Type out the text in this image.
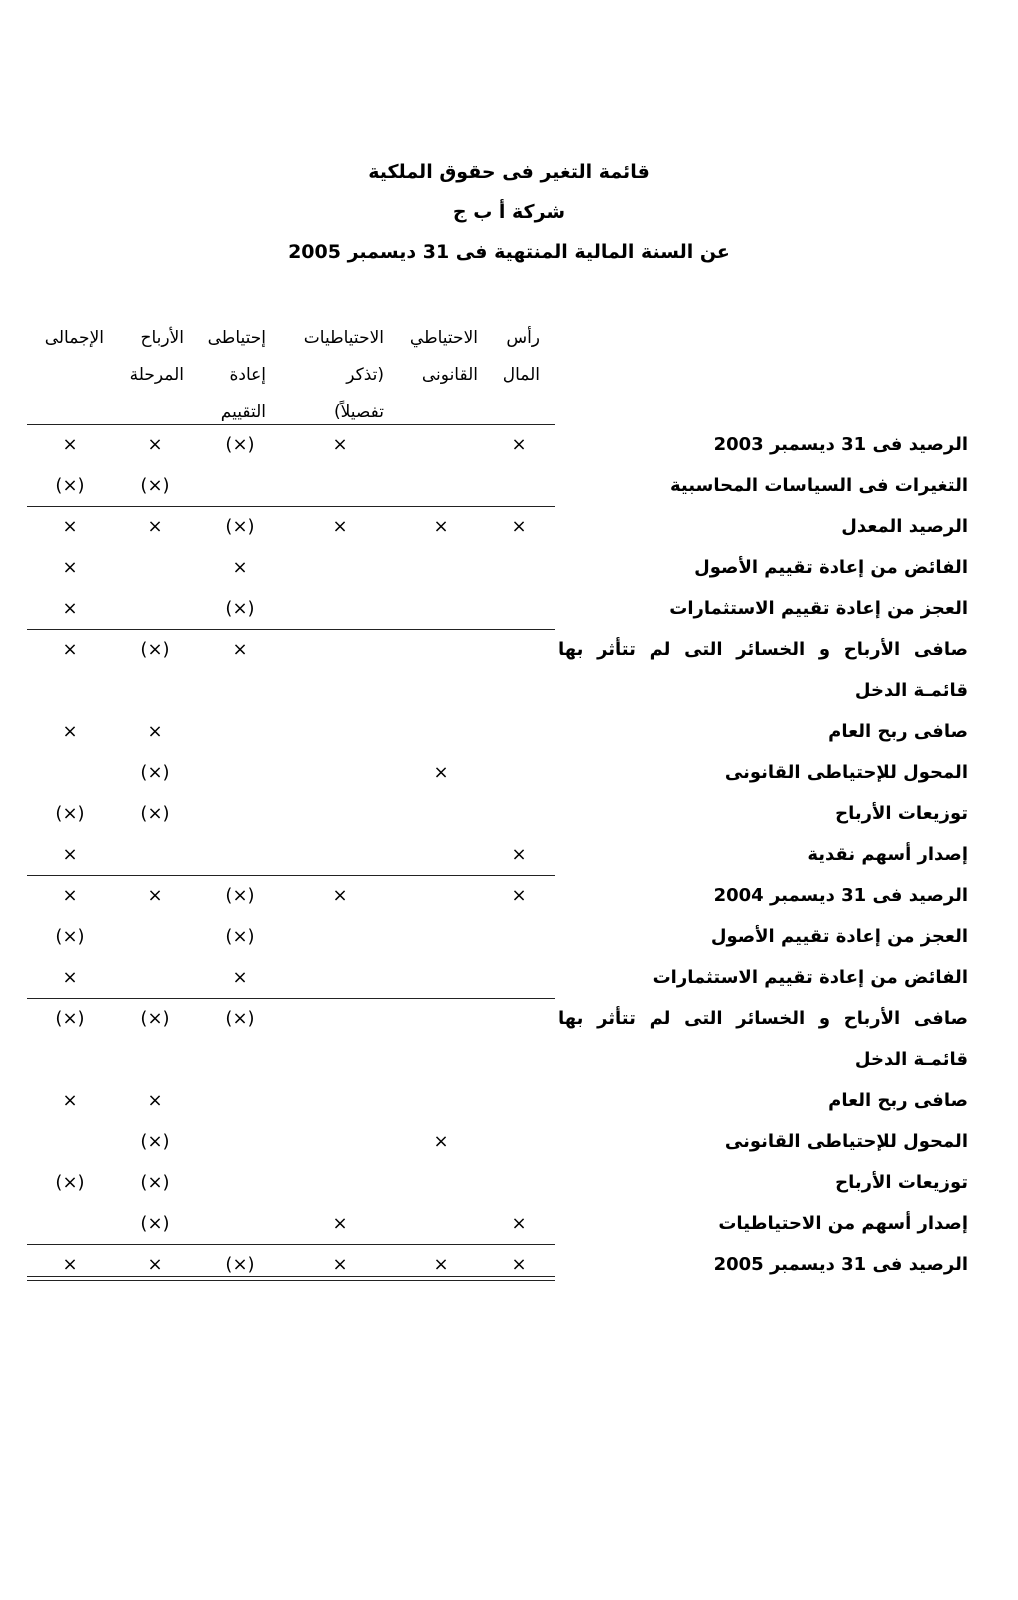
قائمة التغير فى حقوق الملكية
شركة أ ب ج
عن السنة المالية المنتهية فى 31 ديسمبر 2005
رأس المال
الاحتياطي القانونى
الاحتياطيات (تذكر تفصيلاً)
إحتياطى إعادة التقييم
الأرباح المرحلة
الإجمالى
الرصيد فى 31 ديسمبر 2003
×
×
(×)
×
×
التغيرات فى السياسات المحاسبية
(×)
(×)
الرصيد المعدل
×
×
×
(×)
×
×
الفائض من إعادة تقييم الأصول
×
×
العجز من إعادة تقييم الاستثمارات
(×)
×
صافى الأرباح و الخسائر التى لم تتأثر بها قائمـة الدخل
×
(×)
×
صافى ربح العام
×
×
المحول للإحتياطى القانونى
×
(×)
توزيعات الأرباح
(×)
(×)
إصدار أسهم نقدية
×
×
الرصيد فى 31 ديسمبر 2004
×
×
(×)
×
×
العجز من إعادة تقييم الأصول
(×)
(×)
الفائض من إعادة تقييم الاستثمارات
×
×
صافى الأرباح و الخسائر التى لم تتأثر بها قائمـة الدخل
(×)
(×)
(×)
صافى ربح العام
×
×
المحول للإحتياطى القانونى
×
(×)
توزيعات الأرباح
(×)
(×)
إصدار أسهم من الاحتياطيات
×
×
(×)
الرصيد فى 31 ديسمبر 2005
×
×
×
(×)
×
×
